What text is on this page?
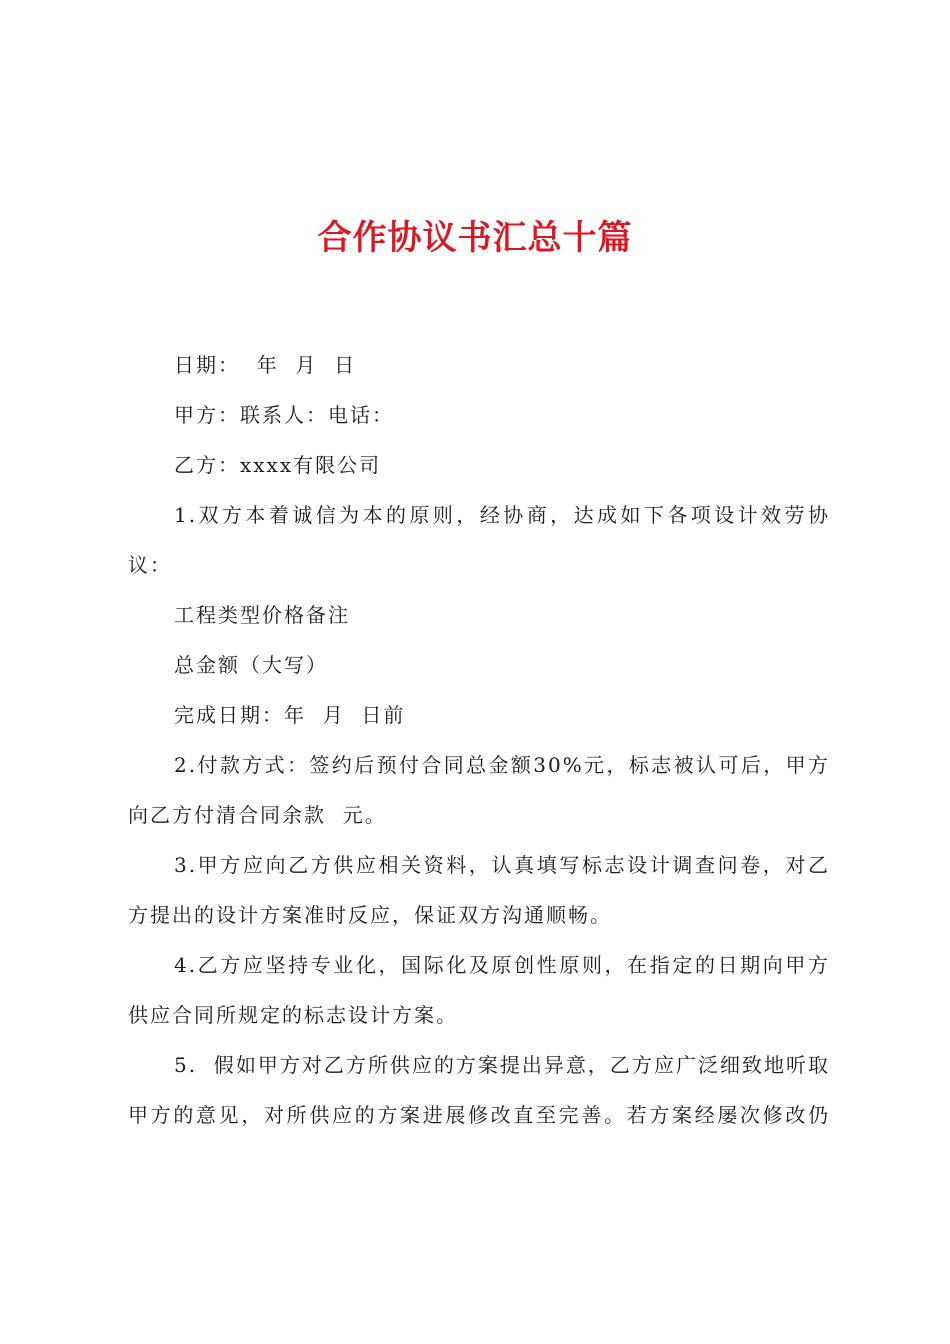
合作协议书汇总十篇
日期：  年  月  日
甲方：联系人：电话：
乙方：xxxx有限公司
1.双方本着诚信为本的原则，经协商，达成如下各项设计效劳协
议：
工程类型价格备注
总金额（大写）
完成日期：年  月  日前
2.付款方式：签约后预付合同总金额30%元，标志被认可后，甲方
向乙方付清合同余款  元。
3.甲方应向乙方供应相关资料，认真填写标志设计调查问卷，对乙
方提出的设计方案准时反应，保证双方沟通顺畅。
4.乙方应坚持专业化，国际化及原创性原则，在指定的日期向甲方
供应合同所规定的标志设计方案。
5.  假如甲方对乙方所供应的方案提出异意，乙方应广泛细致地听取
甲方的意见，对所供应的方案进展修改直至完善。若方案经屡次修改仍
